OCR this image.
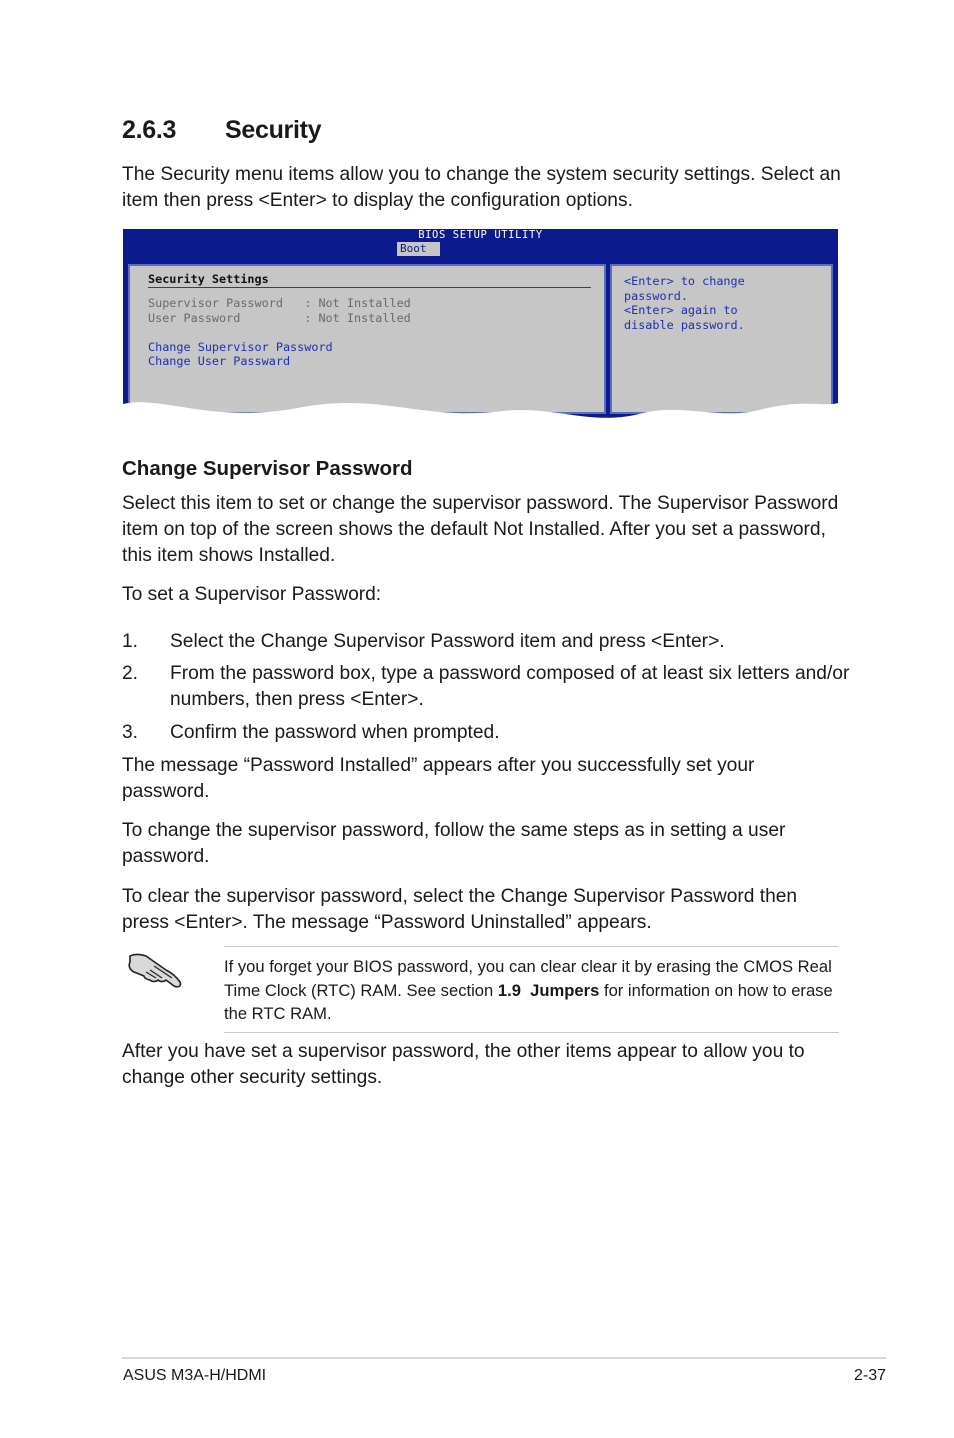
2.6.3 Security
The Security menu items allow you to change the system security settings. Select an item then press <Enter> to display the configuration options.
BIOS SETUP UTILITY
Boot
Security Settings
Supervisor Password   : Not Installed
User Password         : Not Installed
Change Supervisor Password
Change User Passward
<Enter> to change
password.
<Enter> again to
disable password.
Change Supervisor Password
Select this item to set or change the supervisor password. The Supervisor Password item on top of the screen shows the default Not Installed. After you set a password, this item shows Installed.
To set a Supervisor Password:
1. Select the Change Supervisor Password item and press <Enter>.
2. From the password box, type a password composed of at least six letters and/or numbers, then press <Enter>.
3. Confirm the password when prompted.
The message “Password Installed” appears after you successfully set your password.
To change the supervisor password, follow the same steps as in setting a user password.
To clear the supervisor password, select the Change Supervisor Password then press <Enter>. The message “Password Uninstalled” appears.
If you forget your BIOS password, you can clear clear it by erasing the CMOS Real Time Clock (RTC) RAM. See section 1.9 Jumpers for information on how to erase the RTC RAM.
After you have set a supervisor password, the other items appear to allow you to change other security settings.
ASUS M3A-H/HDMI	2-37
